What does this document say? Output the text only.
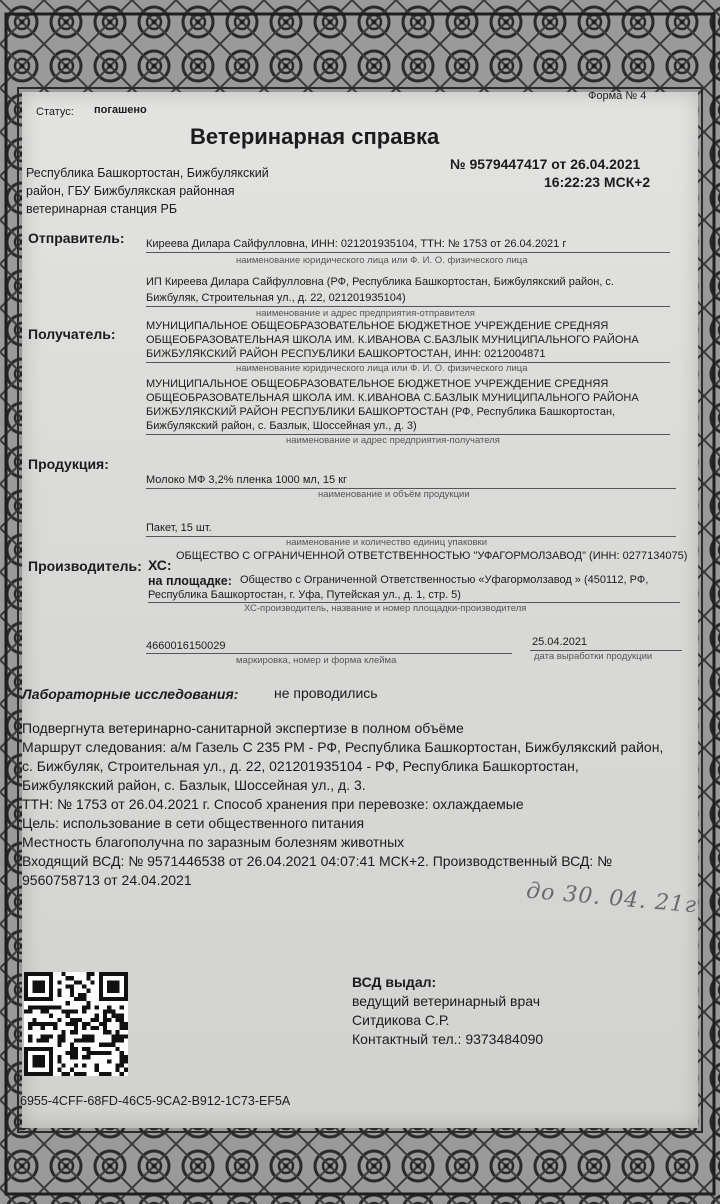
Статус: погашено
Форма № 4
Ветеринарная справка
Республика Башкортостан, Бижбулякский
район, ГБУ Бижбулякская районная
ветеринарная станция РБ
№ 9579447417 от 26.04.2021
16:22:23 МСК+2
Отправитель: Киреева Дилара Сайфулловна, ИНН: 021201935104, ТТН: № 1753 от 26.04.2021 г
наименование юридического лица или Ф. И. О. физического лица
ИП Киреева Дилара Сайфулловна (РФ, Республика Башкортостан, Бижбулякский район, с.
Бижбуляк, Строительная ул., д. 22, 021201935104)
наименование и адрес предприятия-отправителя
Получатель:	МУНИЦИПАЛЬНОЕ ОБЩЕОБРАЗОВАТЕЛЬНОЕ БЮДЖЕТНОЕ УЧРЕЖДЕНИЕ СРЕДНЯЯ
ОБЩЕОБРАЗОВАТЕЛЬНАЯ ШКОЛА ИМ. К.ИВАНОВА С.БАЗЛЫК МУНИЦИПАЛЬНОГО РАЙОНА
БИЖБУЛЯКСКИЙ РАЙОН РЕСПУБЛИКИ БАШКОРТОСТАН, ИНН: 0212004871
наименование юридического лица или Ф. И. О. физического лица
МУНИЦИПАЛЬНОЕ ОБЩЕОБРАЗОВАТЕЛЬНОЕ БЮДЖЕТНОЕ УЧРЕЖДЕНИЕ СРЕДНЯЯ
ОБЩЕОБРАЗОВАТЕЛЬНАЯ ШКОЛА ИМ. К.ИВАНОВА С.БАЗЛЫК МУНИЦИПАЛЬНОГО РАЙОНА
БИЖБУЛЯКСКИЙ РАЙОН РЕСПУБЛИКИ БАШКОРТОСТАН (РФ, Республика Башкортостан,
Бижбулякский район, с. Базлык, Шоссейная ул., д. 3)
наименование и адрес предприятия-получателя
Продукция:
Молоко МФ 3,2% пленка 1000 мл, 15 кг
наименование и объём продукции
Пакет, 15 шт.
наименование и количество единиц упаковки
Производитель: ХС:
ОБЩЕСТВО С ОГРАНИЧЕННОЙ ОТВЕТСТВЕННОСТЬЮ "УФАГОРМОЛЗАВОД" (ИНН: 0277134075)
на площадке: Общество с Ограниченной Ответственностью «Уфагормолзавод » (450112, РФ,
Республика Башкортостан, г. Уфа, Путейская ул., д. 1, стр. 5)
ХС-производитель, название и номер площадки-производителя
4660016150029
маркировка, номер и форма клейма
25.04.2021
дата выработки продукции
Лабораторные исследования:	не проводились
Подвергнута ветеринарно-санитарной экспертизе в полном объёме
Маршрут следования: а/м Газель С 235 РМ - РФ, Республика Башкортостан, Бижбулякский район,
с. Бижбуляк, Строительная ул., д. 22, 021201935104 - РФ, Республика Башкортостан,
Бижбулякский район, с. Базлык, Шоссейная ул., д. 3.
ТТН: № 1753 от 26.04.2021 г. Способ хранения при перевозке: охлаждаемые
Цель: использование в сети общественного питания
Местность благополучна по заразным болезням животных
Входящий ВСД: № 9571446538 от 26.04.2021 04:07:41 МСК+2. Производственный ВСД: №
9560758713 от 24.04.2021	до 30. 04. 21г
ВСД выдал:
ведущий ветеринарный врач
Ситдикова С.Р.
Контактный тел.: 9373484090
6955-4CFF-68FD-46C5-9CA2-B912-1C73-EF5A
